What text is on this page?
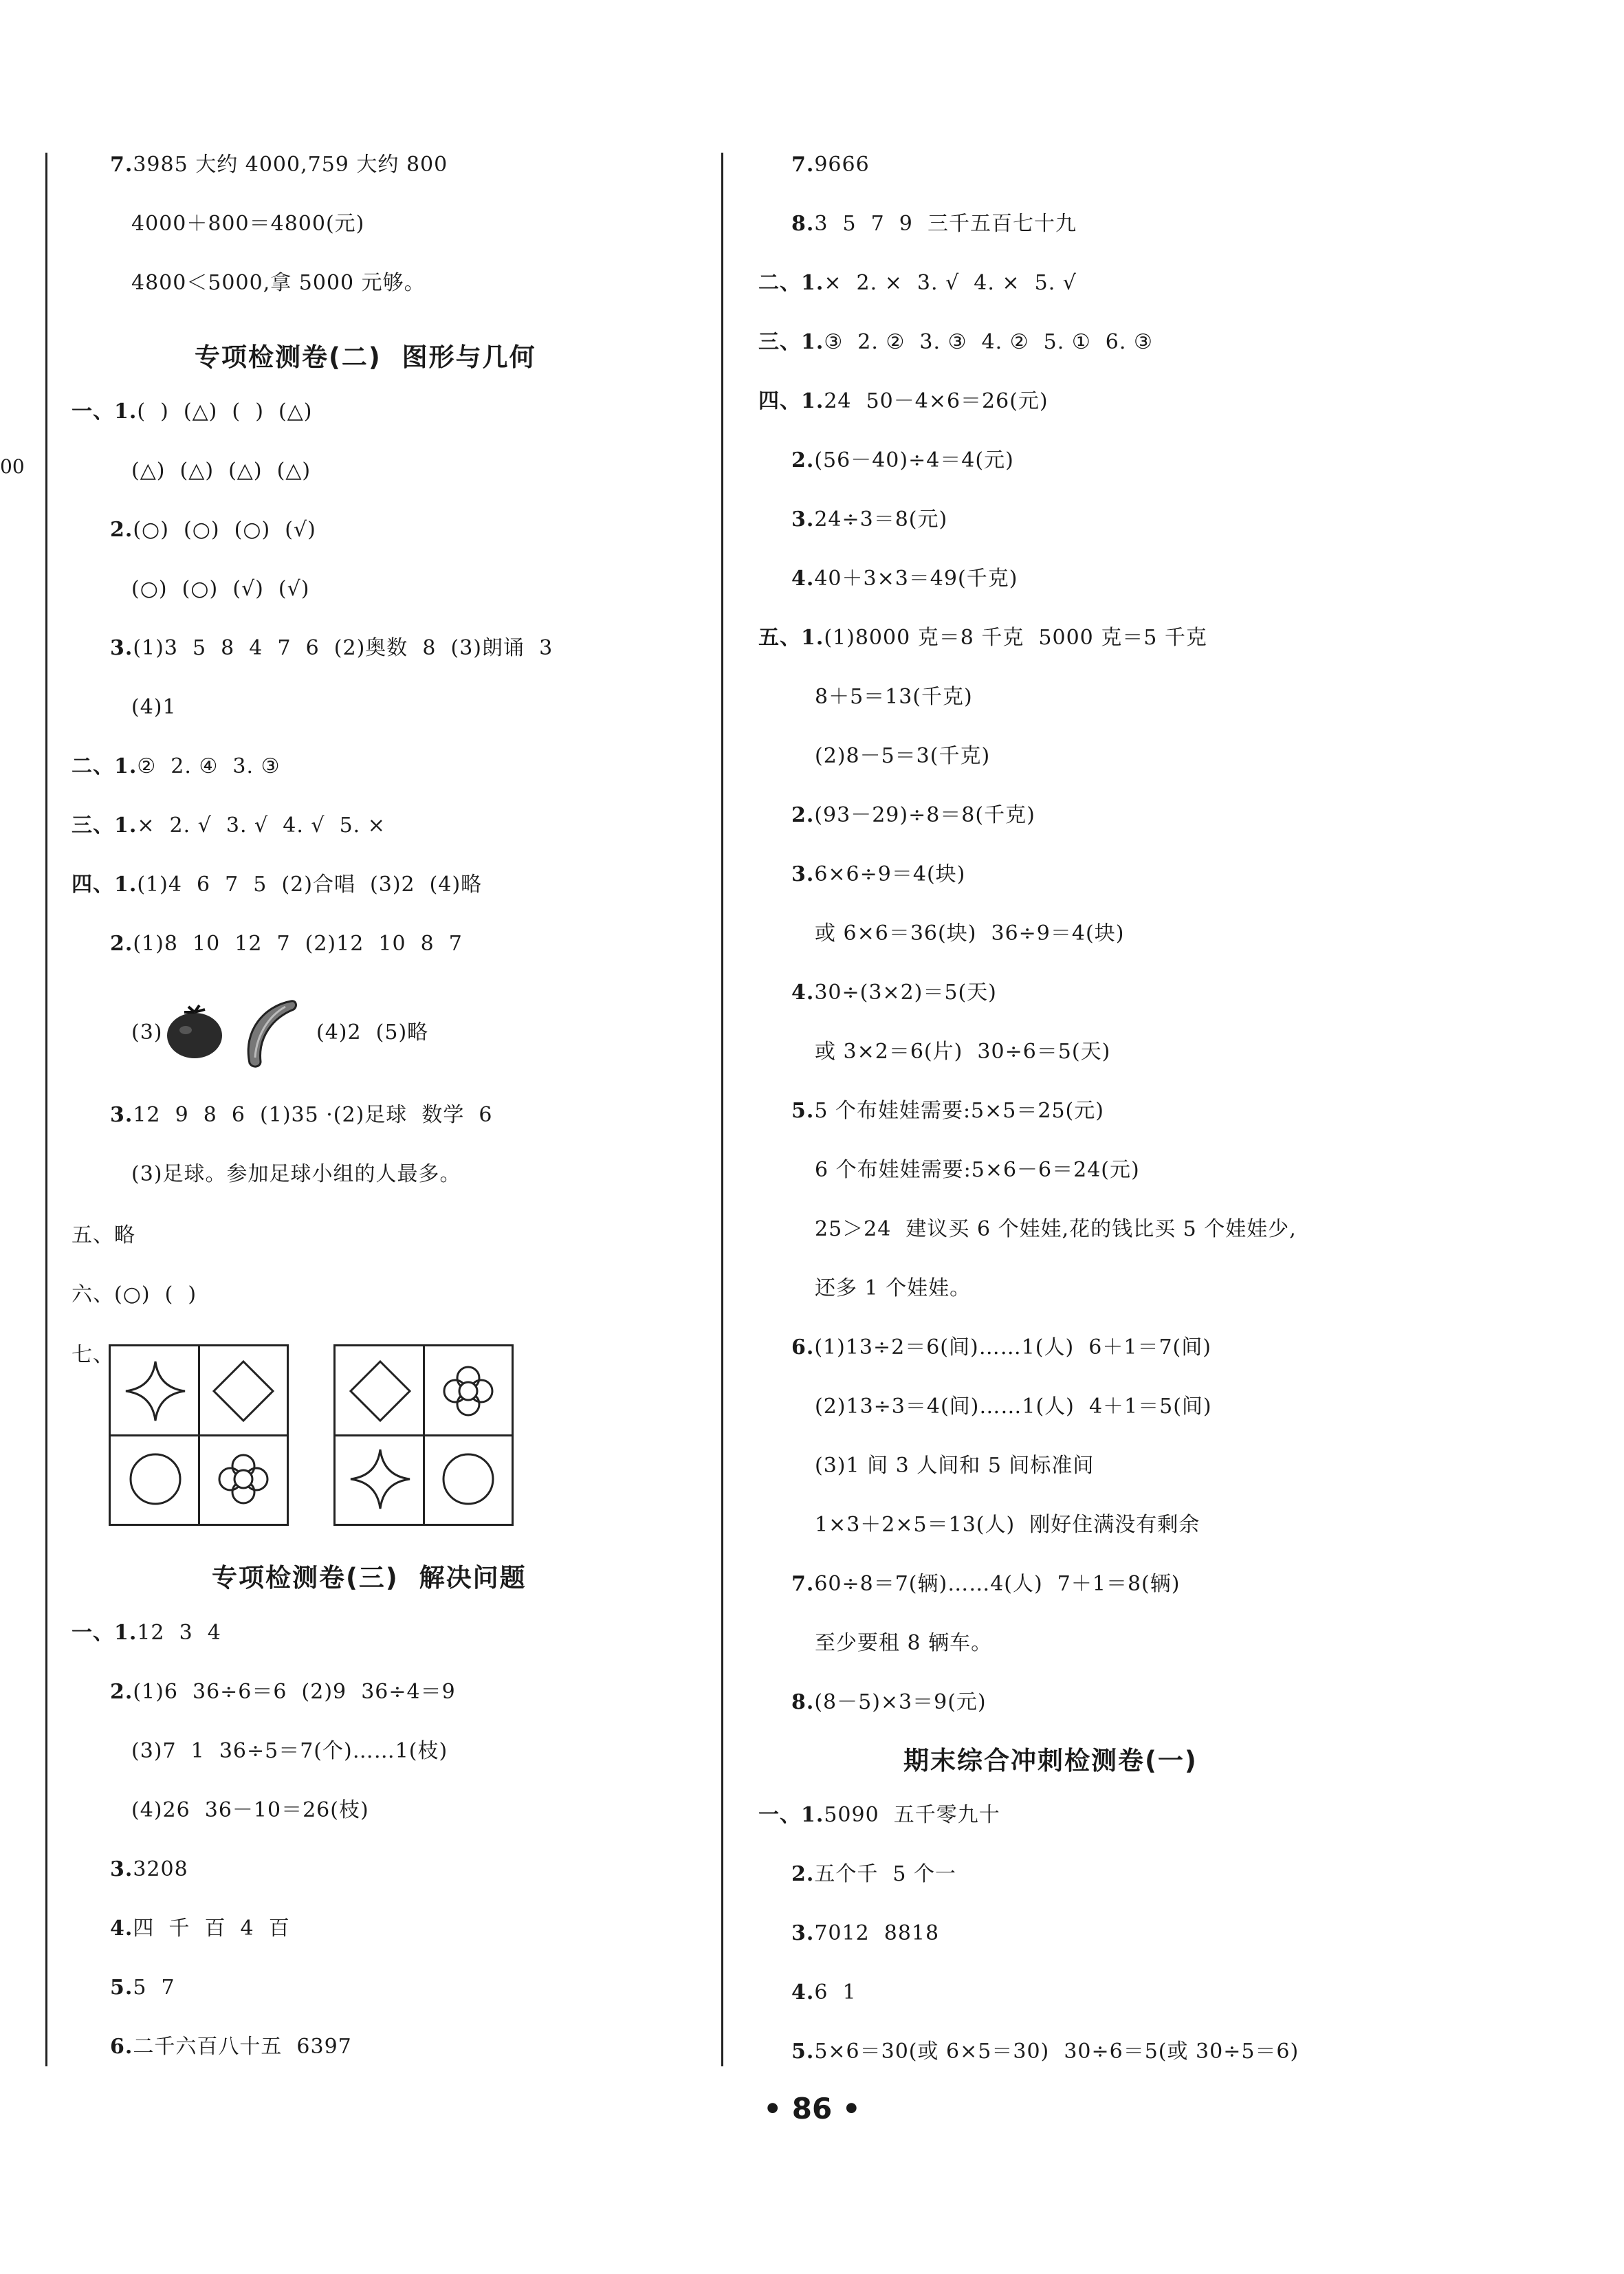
00
7.3985 大约 4000,759 大约 800
4000＋800＝4800(元)
4800＜5000,拿 5000 元够。
专项检测卷(二)  图形与几何
一、1.(  )  (△)  (  )  (△)
(△)  (△)  (△)  (△)
2.(○)  (○)  (○)  (√)
(○)  (○)  (√)  (√)
3.(1)3  5  8  4  7  6  (2)奥数  8  (3)朗诵  3
(4)1
二、1.②  2. ④  3. ③
三、1.×  2. √  3. √  4. √  5. ×
四、1.(1)4  6  7  5  (2)合唱  (3)2  (4)略
2.(1)8  10  12  7  (2)12  10  8  7
(3)	(4)2  (5)略
3.12  9  8  6  (1)35 ·(2)足球  数学  6
(3)足球。参加足球小组的人最多。
五、略
六、(○)  (  )
七、
专项检测卷(三)  解决问题
一、1.12  3  4
2.(1)6  36÷6＝6  (2)9  36÷4＝9
(3)7  1  36÷5＝7(个)……1(枝)
(4)26  36－10＝26(枝)
3.3208
4.四  千  百  4  百
5.5  7
6.二千六百八十五  6397
7.9666
8.3  5  7  9  三千五百七十九
二、1.×  2. ×  3. √  4. ×  5. √
三、1.③  2. ②  3. ③  4. ②  5. ①  6. ③
四、1.24  50－4×6＝26(元)
2.(56－40)÷4＝4(元)
3.24÷3＝8(元)
4.40＋3×3＝49(千克)
五、1.(1)8000 克＝8 千克  5000 克＝5 千克
8＋5＝13(千克)
(2)8－5＝3(千克)
2.(93－29)÷8＝8(千克)
3.6×6÷9＝4(块)
或 6×6＝36(块)  36÷9＝4(块)
4.30÷(3×2)＝5(天)
或 3×2＝6(片)  30÷6＝5(天)
5.5 个布娃娃需要:5×5＝25(元)
6 个布娃娃需要:5×6－6＝24(元)
25＞24  建议买 6 个娃娃,花的钱比买 5 个娃娃少,
还多 1 个娃娃。
6.(1)13÷2＝6(间)……1(人)  6＋1＝7(间)
(2)13÷3＝4(间)……1(人)  4＋1＝5(间)
(3)1 间 3 人间和 5 间标准间
1×3＋2×5＝13(人)  刚好住满没有剩余
7.60÷8＝7(辆)……4(人)  7＋1＝8(辆)
至少要租 8 辆车。
8.(8－5)×3＝9(元)
期末综合冲刺检测卷(一)
一、1.5090  五千零九十
2.五个千  5 个一
3.7012  8818
4.6  1
5.5×6＝30(或 6×5＝30)  30÷6＝5(或 30÷5＝6)
• 86 •
